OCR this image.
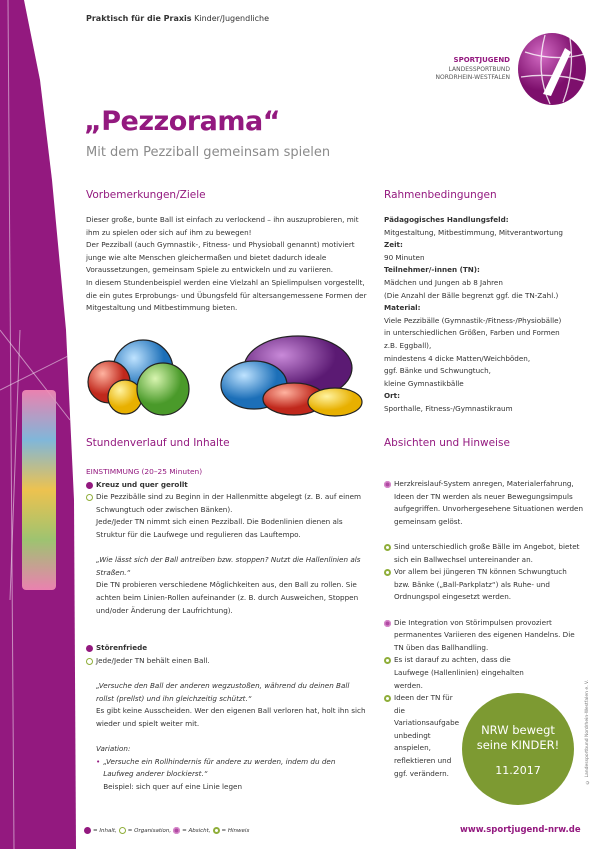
Praktisch für die Praxis Kinder/Jugendliche
SPORTJUGEND
LANDESSPORTBUND
NORDRHEIN-WESTFALEN
„Pezzorama“
Mit dem Pezziball gemeinsam spielen
Vorbemerkungen/Ziele

Dieser große, bunte Ball ist einfach zu verlockend – ihn auszuprobieren, mit ihm zu spielen oder sich auf ihm zu bewegen!

Der Pezziball (auch Gymnastik-, Fitness- und Physioball genannt) motiviert junge wie alte Menschen gleichermaßen und bietet dadurch ideale Voraussetzungen, gemeinsam Spiele zu entwickeln und zu variieren.

In diesem Stundenbeispiel werden eine Vielzahl an Spielimpulsen vorgestellt, die ein gutes Erprobungs- und Übungsfeld für altersangemessene Formen der Mitgestaltung und Mitbestimmung bieten.

Stundenverlauf und Inhalte
EINSTIMMUNG (20–25 Minuten)
Kreuz und quer gerollt

Die Pezzibälle sind zu Beginn in der Hallenmitte abgelegt (z. B. auf einem Schwungtuch oder zwischen Bänken).

Jede/Jeder TN nimmt sich einen Pezziball. Die Bodenlinien dienen als Struktur für die Laufwege und regulieren das Lauftempo.

„Wie lässt sich der Ball antreiben bzw. stoppen? Nutzt die Hallenlinien als Straßen.“

Die TN probieren verschiedene Möglichkeiten aus, den Ball zu rollen. Sie achten beim Linien-Rollen aufeinander (z. B. durch Ausweichen, Stoppen und/oder Änderung der Laufrichtung).

Störenfriede

Jede/Jeder TN behält einen Ball.

„Versuche den Ball der anderen wegzustoßen, während du deinen Ball rollst (prellst) und ihn gleichzeitig schützt.“

Es gibt keine Ausscheiden. Wer den eigenen Ball verloren hat, holt ihn sich wieder und spielt weiter mit.

Variation:

• „Versuche ein Rollhindernis für andere zu werden, indem du den Laufweg anderer blockierst.“

Beispiel: sich quer auf eine Linie legen

Rahmenbedingungen
Pädagogisches Handlungsfeld:

Mitgestaltung, Mitbestimmung, Mitverantwortung

Zeit:

90 Minuten

Teilnehmer/-innen (TN):

Mädchen und Jungen ab 8 Jahren

(Die Anzahl der Bälle begrenzt ggf. die TN-Zahl.)

Material:

Viele Pezzibälle (Gymnastik-/Fitness-/Physiobälle)

in unterschiedlichen Größen, Farben und Formen

z.B. Eggball),

mindestens 4 dicke Matten/Weichböden,

ggf. Bänke und Schwungtuch,

kleine Gymnastikbälle

Ort:

Sporthalle, Fitness-/Gymnastikraum

Absichten und Hinweise

Herzkreislauf-System anregen, Materialerfahrung, Ideen der TN werden als neuer Bewegungsimpuls aufgegriffen. Unvorhergesehene Situationen werden gemeinsam gelöst.

Sind unterschiedlich große Bälle im Angebot, bietet sich ein Ballwechsel untereinander an.

Vor allem bei jüngeren TN können Schwungtuch bzw. Bänke („Ball-Parkplatz“) als Ruhe- und Ordnungspol eingesetzt werden.

Die Integration von Störimpulsen provoziert permanentes Variieren des eigenen Handelns. Die TN üben das Ballhandling.

Es ist darauf zu achten, dass die Laufwege (Hallenlinien) eingehalten werden.

Ideen der TN für die Variationsaufgabe unbedingt anspielen, reflektieren und ggf. verändern.

NRW bewegt
seine KINDER!
11.2017
= Inhalt, = Organisation, = Absicht, = Hinweis	www.sportjugend-nrw.de
© Landessportbund Nordrhein-Westfalen e. V.
